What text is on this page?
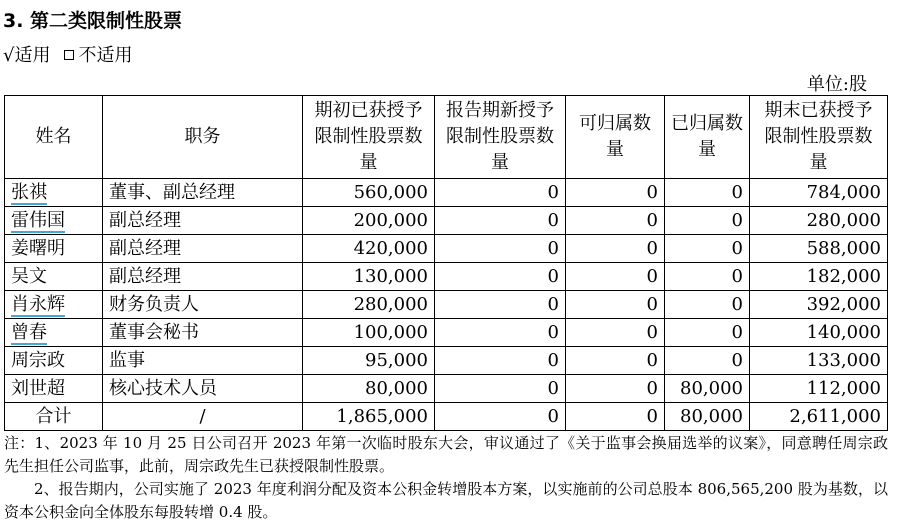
3. 第二类限制性股票
√适用 不适用
单位:股
姓名	职务	期初已获授予限制性股票数量	报告期新授予限制性股票数量	可归属数量	已归属数量	期末已获授予限制性股票数量
张祺	董事、副总经理	560,000	0	0	0	784,000
雷伟国	副总经理	200,000	0	0	0	280,000
姜曙明	副总经理	420,000	0	0	0	588,000
吴文	副总经理	130,000	0	0	0	182,000
肖永辉	财务负责人	280,000	0	0	0	392,000
曾春	董事会秘书	100,000	0	0	0	140,000
周宗政	监事	95,000	0	0	0	133,000
刘世超	核心技术人员	80,000	0	0	80,000	112,000
合计	/	1,865,000	0	0	80,000	2,611,000

注：1、2023 年 10 月 25 日公司召开 2023 年第一次临时股东大会，审议通过了《关于监事会换届选举的议案》，同意聘任周宗政先生担任公司监事，此前，周宗政先生已获授限制性股票。

2、报告期内，公司实施了 2023 年度利润分配及资本公积金转增股本方案，以实施前的公司总股本 806,565,200 股为基数，以资本公积金向全体股东每股转增 0.4 股。
